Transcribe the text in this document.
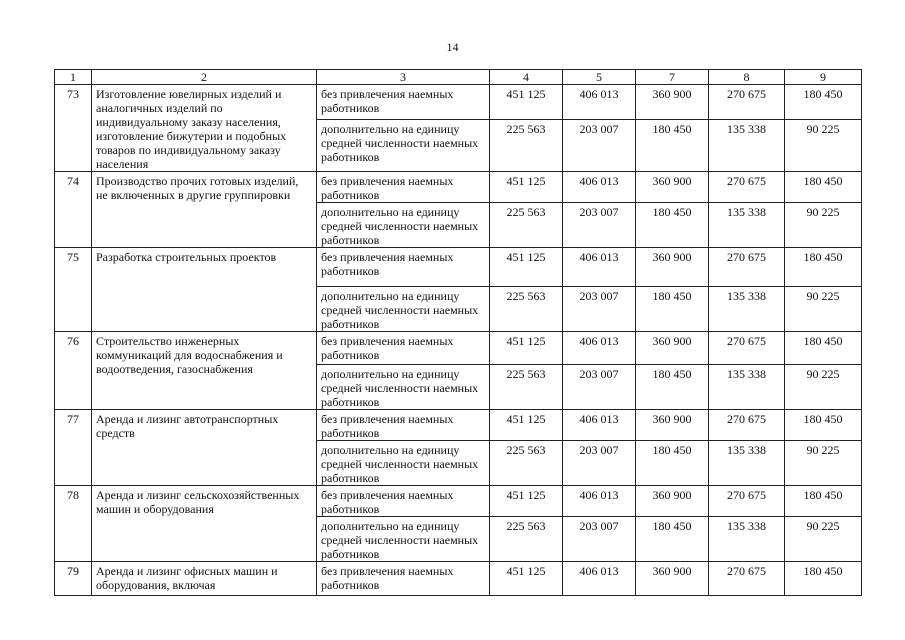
14
1	2	3	4	5	7	8	9
73	Изготовление ювелирных изделий и аналогичных изделий по индивидуальному заказу населения, изготовление бижутерии и подобных товаров по индивидуальному заказу населения	без привлечения наемных работников	451 125	406 013	360 900	270 675	180 450
		дополнительно на единицу средней численности наемных работников	225 563	203 007	180 450	135 338	90 225
74	Производство прочих готовых изделий, не включенных в другие группировки	без привлечения наемных работников	451 125	406 013	360 900	270 675	180 450
		дополнительно на единицу средней численности наемных работников	225 563	203 007	180 450	135 338	90 225
75	Разработка строительных проектов	без привлечения наемных работников	451 125	406 013	360 900	270 675	180 450
		дополнительно на единицу средней численности наемных работников	225 563	203 007	180 450	135 338	90 225
76	Строительство инженерных коммуникаций для водоснабжения и водоотведения, газоснабжения	без привлечения наемных работников	451 125	406 013	360 900	270 675	180 450
		дополнительно на единицу средней численности наемных работников	225 563	203 007	180 450	135 338	90 225
77	Аренда и лизинг автотранспортных средств	без привлечения наемных работников	451 125	406 013	360 900	270 675	180 450
		дополнительно на единицу средней численности наемных работников	225 563	203 007	180 450	135 338	90 225
78	Аренда и лизинг сельскохозяйственных машин и оборудования	без привлечения наемных работников	451 125	406 013	360 900	270 675	180 450
		дополнительно на единицу средней численности наемных работников	225 563	203 007	180 450	135 338	90 225
79	Аренда и лизинг офисных машин и оборудования, включая	без привлечения наемных работников	451 125	406 013	360 900	270 675	180 450
